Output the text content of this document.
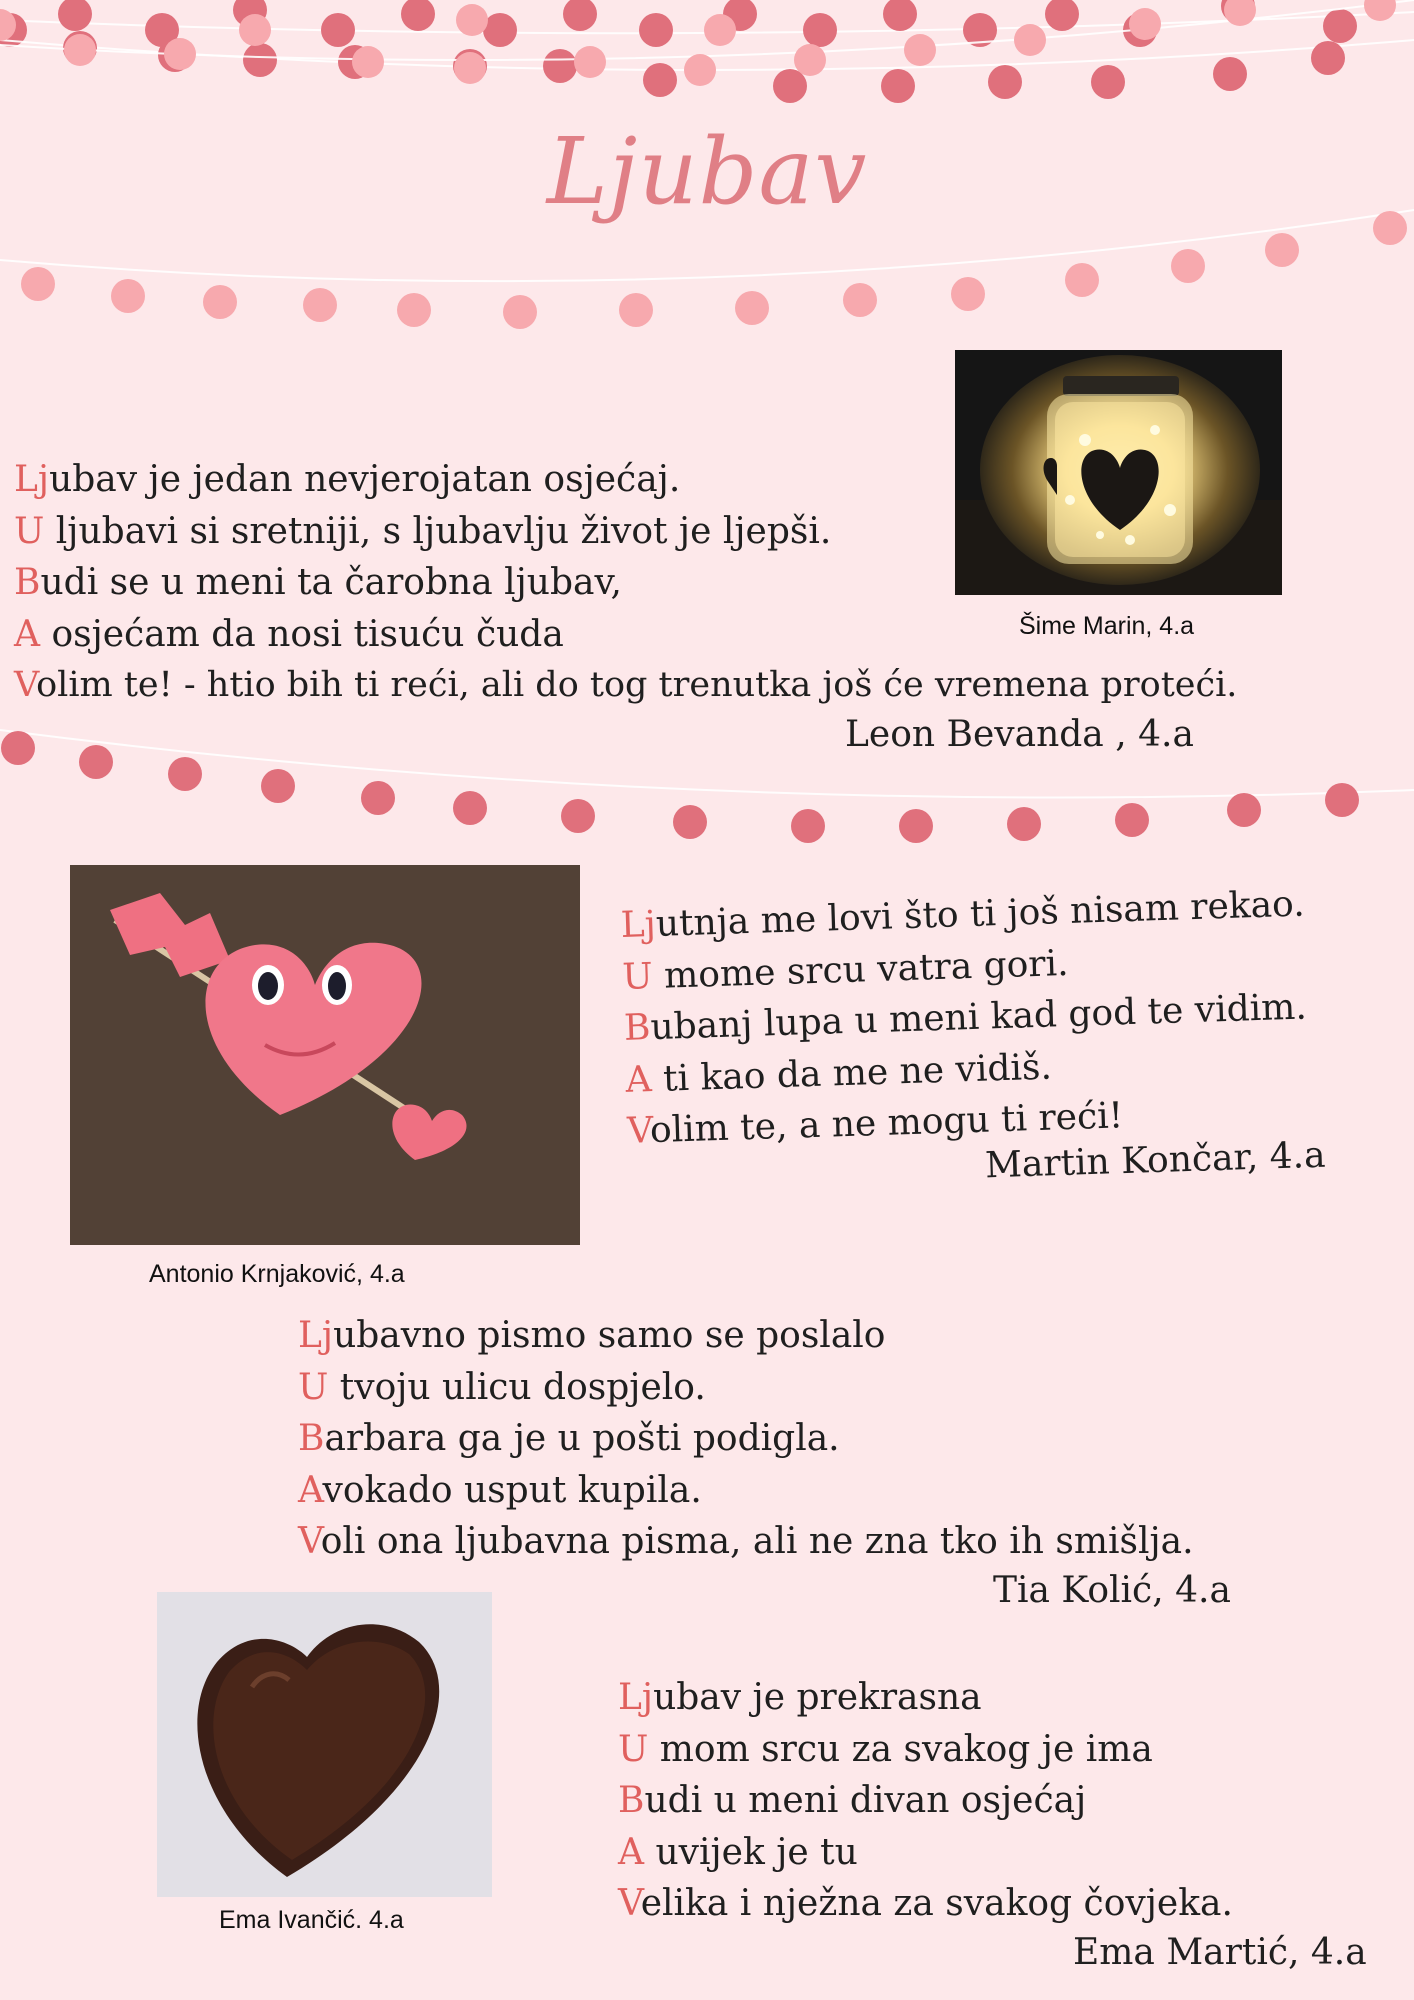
Ljubav
Ljubav je jedan nevjerojatan osjećaj.
U ljubavi si sretniji, s ljubavlju život je ljepši.
Budi se u meni ta čarobna ljubav,
A osjećam da nosi tisuću čuda
Volim te! - htio bih ti reći, ali do tog trenutka još će vremena proteći.
Leon Bevanda , 4.a
Šime Marin, 4.a
Antonio Krnjaković, 4.a
Ljutnja me lovi što ti još nisam rekao.
U mome srcu vatra gori.
Bubanj lupa u meni kad god te vidim.
A ti kao da me ne vidiš.
Volim te, a ne mogu ti reći!
Martin Končar, 4.a
Ljubavno pismo samo se poslalo
U tvoju ulicu dospjelo.
Barbara ga je u pošti podigla.
Avokado usput kupila.
Voli ona ljubavna pisma, ali ne zna tko ih smišlja.
Tia Kolić, 4.a
Ema Ivančić. 4.a
Ljubav je prekrasna
U mom srcu za svakog je ima
Budi u meni divan osjećaj
A uvijek je tu
Velika i nježna za svakog čovjeka.
Ema Martić, 4.a
